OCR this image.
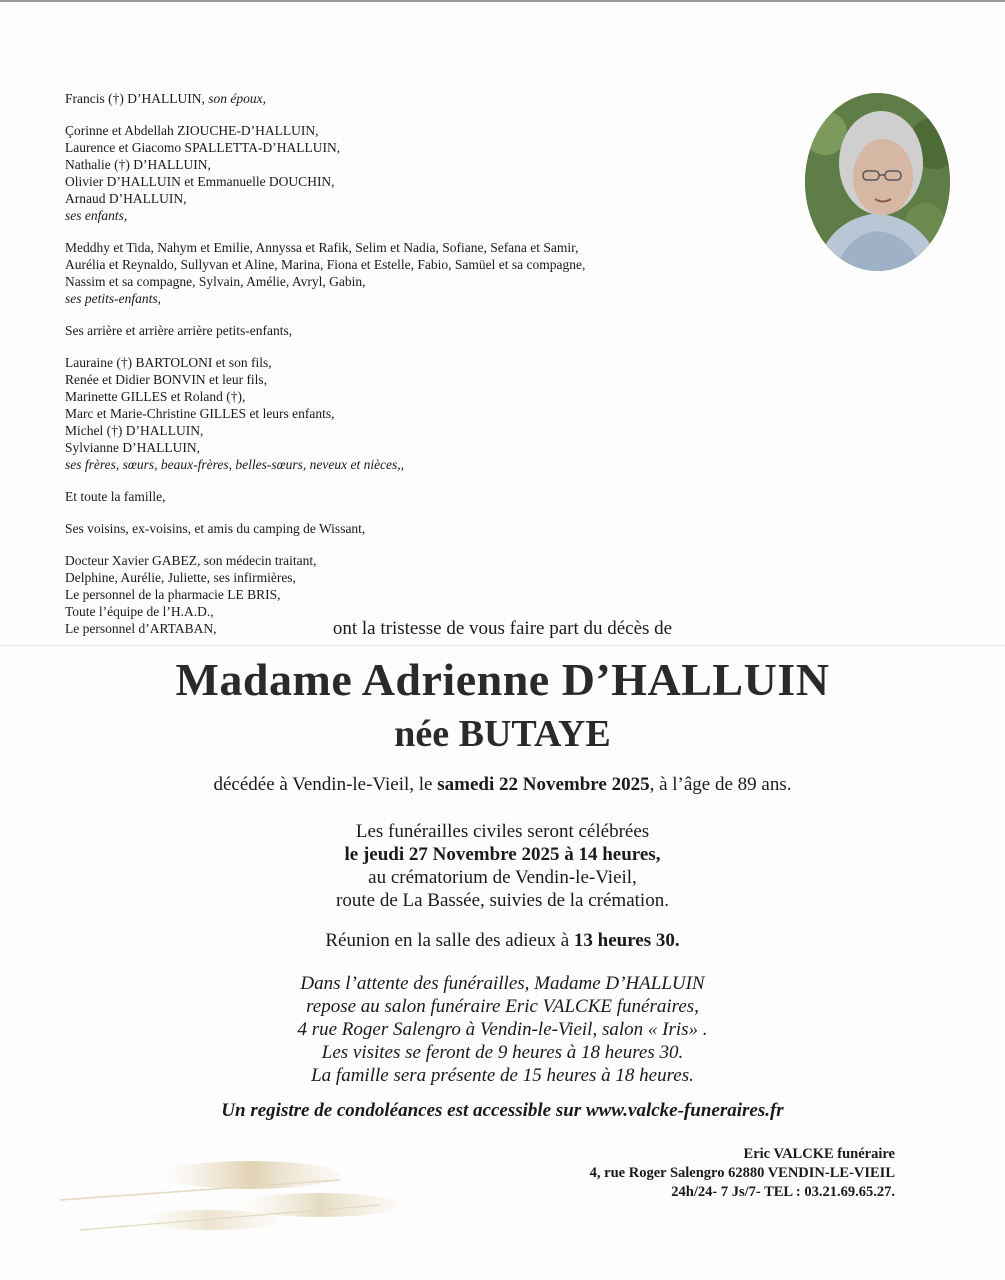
Francis (†) D’HALLUIN, son époux,
Çorinne et Abdellah ZIOUCHE-D’HALLUIN,
Laurence et Giacomo SPALLETTA-D’HALLUIN,
Nathalie (†) D’HALLUIN,
Olivier D’HALLUIN et Emmanuelle DOUCHIN,
Arnaud D’HALLUIN,
ses enfants,
Meddhy et Tida, Nahym et Emilie, Annyssa et Rafik, Selim et Nadia, Sofiane, Sefana et Samir,
Aurélia et Reynaldo, Sullyvan et Aline, Marina, Fiona et Estelle, Fabio, Samüel et sa compagne,
Nassim et sa compagne, Sylvain, Amélie, Avryl, Gabin,
ses petits-enfants,
Ses arrière et arrière arrière petits-enfants,
Lauraine (†) BARTOLONI et son fils,
Renée et Didier BONVIN et leur fils,
Marinette GILLES et Roland (†),
Marc et Marie-Christine GILLES et leurs enfants,
Michel (†) D’HALLUIN,
Sylvianne D’HALLUIN,
ses frères, sœurs, beaux-frères, belles-sœurs, neveux et nièces,,
Et toute la famille,
Ses voisins, ex-voisins, et amis du camping de Wissant,
Docteur Xavier GABEZ, son médecin traitant,
Delphine, Aurélie, Juliette, ses infirmières,
Le personnel de la pharmacie LE BRIS,
Toute l’équipe de l’H.A.D.,
Le personnel d’ARTABAN,	ont la tristesse de vous faire part du décès de
Madame Adrienne D’HALLUIN
née BUTAYE
décédée à Vendin-le-Vieil, le samedi 22 Novembre 2025, à l’âge de 89 ans.
Les funérailles civiles seront célébrées
le jeudi 27 Novembre 2025 à 14 heures,
au crématorium de Vendin-le-Vieil,
route de La Bassée, suivies de la crémation.
Réunion en la salle des adieux à 13 heures 30.
Dans l’attente des funérailles, Madame D’HALLUIN
repose au salon funéraire Eric VALCKE funéraires,
4 rue Roger Salengro à Vendin-le-Vieil, salon « Iris» .
Les visites se feront de 9 heures à 18 heures 30.
La famille sera présente de 15 heures à 18 heures.
Un registre de condoléances est accessible sur www.valcke-funeraires.fr
Eric VALCKE funéraire
4, rue Roger Salengro 62880 VENDIN-LE-VIEIL
24h/24- 7 Js/7- TEL : 03.21.69.65.27.
